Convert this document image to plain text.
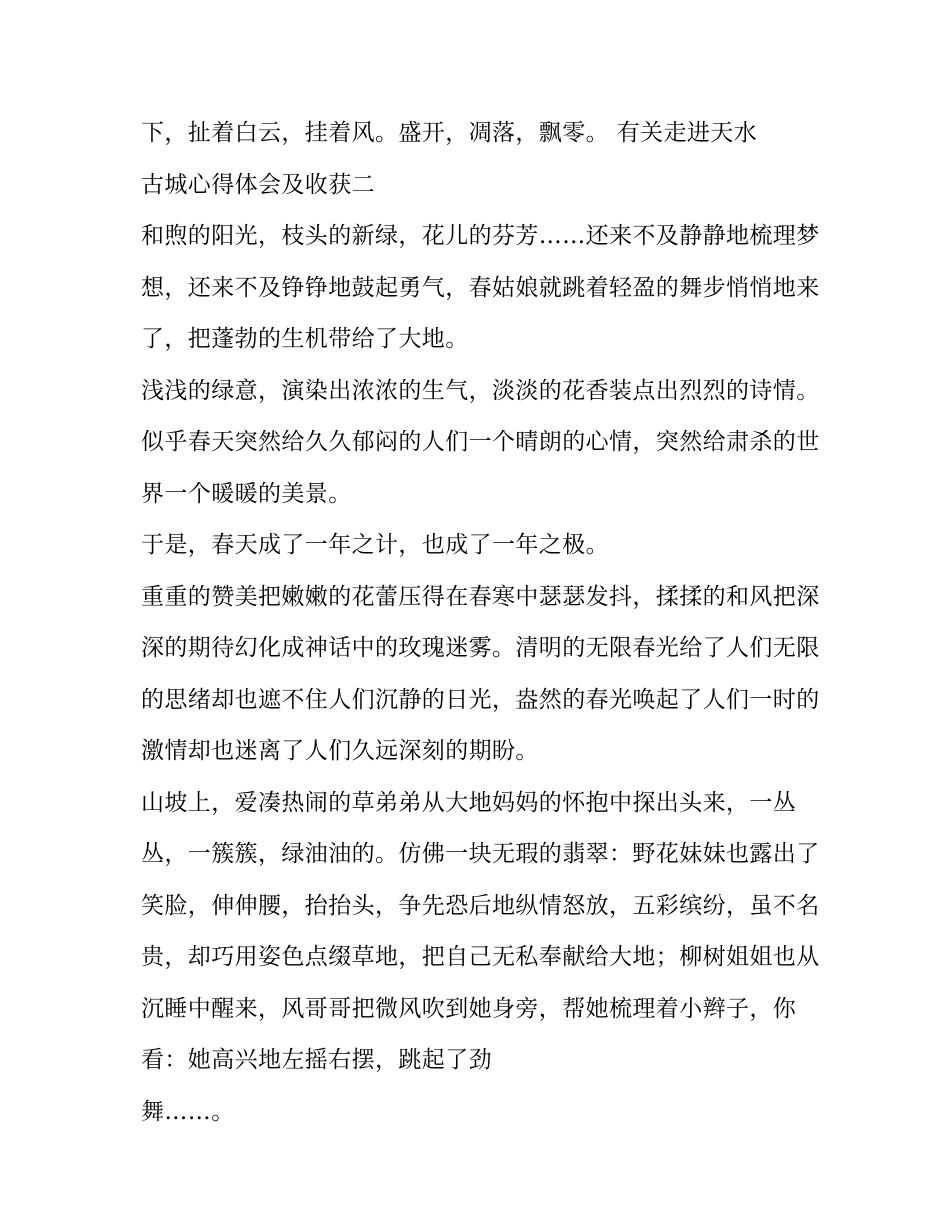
下，扯着白云，挂着风。盛开，凋落，飘零。 有关走进天水

古城心得体会及收获二

和煦的阳光，枝头的新绿，花儿的芬芳……还来不及静静地梳理梦想，还来不及铮铮地鼓起勇气，春姑娘就跳着轻盈的舞步悄悄地来了，把蓬勃的生机带给了大地。

浅浅的绿意，演染出浓浓的生气，淡淡的花香装点出烈烈的诗情。似乎春天突然给久久郁闷的人们一个晴朗的心情，突然给肃杀的世界一个暖暖的美景。

于是，春天成了一年之计，也成了一年之极。

重重的赞美把嫩嫩的花蕾压得在春寒中瑟瑟发抖，揉揉的和风把深深的期待幻化成神话中的玫瑰迷雾。清明的无限春光给了人们无限的思绪却也遮不住人们沉静的日光，盎然的春光唤起了人们一时的激情却也迷离了人们久远深刻的期盼。

山坡上，爱凑热闹的草弟弟从大地妈妈的怀抱中探出头来，一丛丛，一簇簇，绿油油的。仿佛一块无瑕的翡翠：野花妹妹也露出了笑脸，伸伸腰，抬抬头，争先恐后地纵情怒放，五彩缤纷，虽不名贵，却巧用姿色点缀草地，把自己无私奉献给大地；柳树姐姐也从沉睡中醒来，风哥哥把微风吹到她身旁，帮她梳理着小辫子，你看：她高兴地左摇右摆，跳起了劲

舞……。
